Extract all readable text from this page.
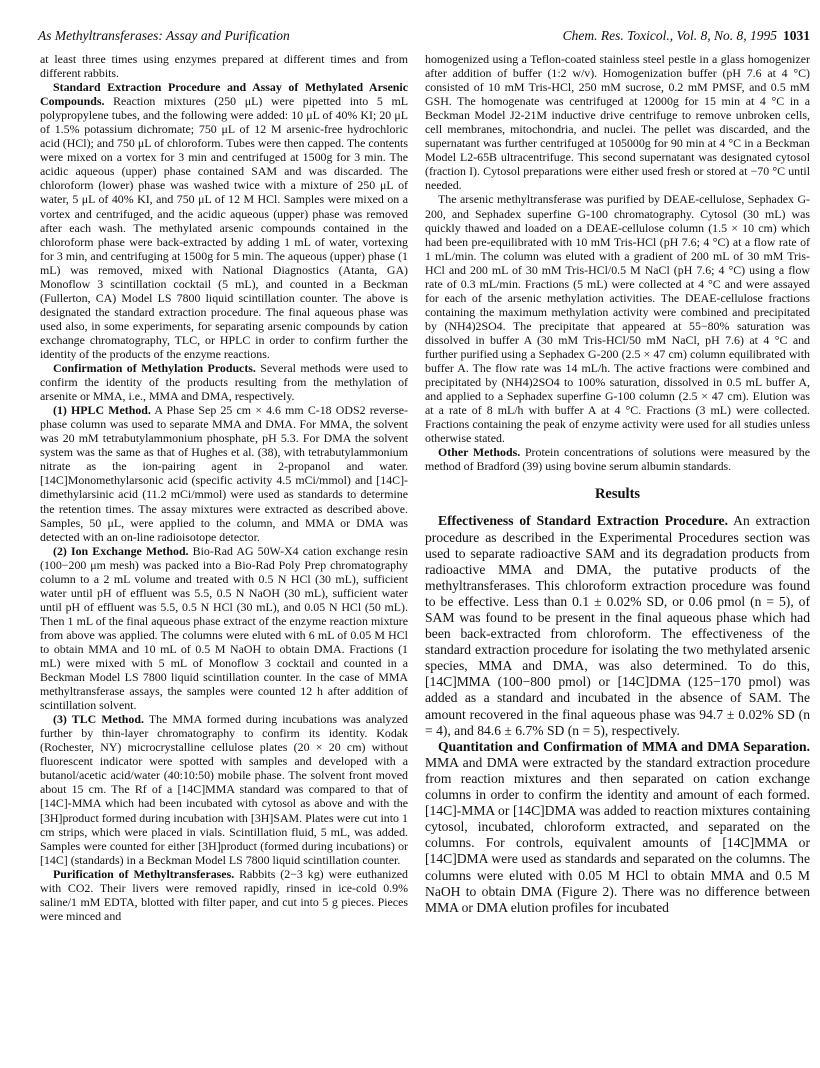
As Methyltransferases: Assay and Purification	Chem. Res. Toxicol., Vol. 8, No. 8, 1995 1031

at least three times using enzymes prepared at different times and from different rabbits.

Standard Extraction Procedure and Assay of Methylated Arsenic Compounds. Reaction mixtures (250 μL) were pipetted into 5 mL polypropylene tubes, and the following were added: 10 μL of 40% KI; 20 μL of 1.5% potassium dichromate; 750 μL of 12 M arsenic-free hydrochloric acid (HCl); and 750 μL of chloroform. Tubes were then capped. The contents were mixed on a vortex for 3 min and centrifuged at 1500g for 3 min. The acidic aqueous (upper) phase contained SAM and was discarded. The chloroform (lower) phase was washed twice with a mixture of 250 μL of water, 5 μL of 40% KI, and 750 μL of 12 M HCl. Samples were mixed on a vortex and centrifuged, and the acidic aqueous (upper) phase was removed after each wash. The methylated arsenic compounds contained in the chloroform phase were back-extracted by adding 1 mL of water, vortexing for 3 min, and centrifuging at 1500g for 5 min. The aqueous (upper) phase (1 mL) was removed, mixed with National Diagnostics (Atanta, GA) Monoflow 3 scintillation cocktail (5 mL), and counted in a Beckman (Fullerton, CA) Model LS 7800 liquid scintillation counter. The above is designated the standard extraction procedure. The final aqueous phase was used also, in some experiments, for separating arsenic compounds by cation exchange chromatography, TLC, or HPLC in order to confirm further the identity of the products of the enzyme reactions.

Confirmation of Methylation Products. Several methods were used to confirm the identity of the products resulting from the methylation of arsenite or MMA, i.e., MMA and DMA, respectively.

(1) HPLC Method. A Phase Sep 25 cm × 4.6 mm C-18 ODS2 reverse-phase column was used to separate MMA and DMA. For MMA, the solvent was 20 mM tetrabutylammonium phosphate, pH 5.3. For DMA the solvent system was the same as that of Hughes et al. (38), with tetrabutylammonium nitrate as the ion-pairing agent in 2-propanol and water. [14C]Monomethylarsonic acid (specific activity 4.5 mCi/mmol) and [14C]-dimethylarsinic acid (11.2 mCi/mmol) were used as standards to determine the retention times. The assay mixtures were extracted as described above. Samples, 50 μL, were applied to the column, and MMA or DMA was detected with an on-line radioisotope detector.

(2) Ion Exchange Method. Bio-Rad AG 50W-X4 cation exchange resin (100−200 μm mesh) was packed into a Bio-Rad Poly Prep chromatography column to a 2 mL volume and treated with 0.5 N HCl (30 mL), sufficient water until pH of effluent was 5.5, 0.5 N NaOH (30 mL), sufficient water until pH of effluent was 5.5, 0.5 N HCl (30 mL), and 0.05 N HCl (50 mL). Then 1 mL of the final aqueous phase extract of the enzyme reaction mixture from above was applied. The columns were eluted with 6 mL of 0.05 M HCl to obtain MMA and 10 mL of 0.5 M NaOH to obtain DMA. Fractions (1 mL) were mixed with 5 mL of Monoflow 3 cocktail and counted in a Beckman Model LS 7800 liquid scintillation counter. In the case of MMA methyltransferase assays, the samples were counted 12 h after addition of scintillation solvent.

(3) TLC Method. The MMA formed during incubations was analyzed further by thin-layer chromatography to confirm its identity. Kodak (Rochester, NY) microcrystalline cellulose plates (20 × 20 cm) without fluorescent indicator were spotted with samples and developed with a butanol/acetic acid/water (40:10:50) mobile phase. The solvent front moved about 15 cm. The Rf of a [14C]MMA standard was compared to that of [14C]-MMA which had been incubated with cytosol as above and with the [3H]product formed during incubation with [3H]SAM. Plates were cut into 1 cm strips, which were placed in vials. Scintillation fluid, 5 mL, was added. Samples were counted for either [3H]product (formed during incubations) or [14C] (standards) in a Beckman Model LS 7800 liquid scintillation counter.

Purification of Methyltransferases. Rabbits (2−3 kg) were euthanized with CO2. Their livers were removed rapidly, rinsed in ice-cold 0.9% saline/1 mM EDTA, blotted with filter paper, and cut into 5 g pieces. Pieces were minced and

homogenized using a Teflon-coated stainless steel pestle in a glass homogenizer after addition of buffer (1:2 w/v). Homogenization buffer (pH 7.6 at 4 °C) consisted of 10 mM Tris-HCl, 250 mM sucrose, 0.2 mM PMSF, and 0.5 mM GSH. The homogenate was centrifuged at 12000g for 15 min at 4 °C in a Beckman Model J2-21M inductive drive centrifuge to remove unbroken cells, cell membranes, mitochondria, and nuclei. The pellet was discarded, and the supernatant was further centrifuged at 105000g for 90 min at 4 °C in a Beckman Model L2-65B ultracentrifuge. This second supernatant was designated cytosol (fraction I). Cytosol preparations were either used fresh or stored at −70 °C until needed.

The arsenic methyltransferase was purified by DEAE-cellulose, Sephadex G-200, and Sephadex superfine G-100 chromatography. Cytosol (30 mL) was quickly thawed and loaded on a DEAE-cellulose column (1.5 × 10 cm) which had been pre-equilibrated with 10 mM Tris-HCl (pH 7.6; 4 °C) at a flow rate of 1 mL/min. The column was eluted with a gradient of 200 mL of 30 mM Tris-HCl and 200 mL of 30 mM Tris-HCl/0.5 M NaCl (pH 7.6; 4 °C) using a flow rate of 0.3 mL/min. Fractions (5 mL) were collected at 4 °C and were assayed for each of the arsenic methylation activities. The DEAE-cellulose fractions containing the maximum methylation activity were combined and precipitated by (NH4)2SO4. The precipitate that appeared at 55−80% saturation was dissolved in buffer A (30 mM Tris-HCl/50 mM NaCl, pH 7.6) at 4 °C and further purified using a Sephadex G-200 (2.5 × 47 cm) column equilibrated with buffer A. The flow rate was 14 mL/h. The active fractions were combined and precipitated by (NH4)2SO4 to 100% saturation, dissolved in 0.5 mL buffer A, and applied to a Sephadex superfine G-100 column (2.5 × 47 cm). Elution was at a rate of 8 mL/h with buffer A at 4 °C. Fractions (3 mL) were collected. Fractions containing the peak of enzyme activity were used for all studies unless otherwise stated.

Other Methods. Protein concentrations of solutions were measured by the method of Bradford (39) using bovine serum albumin standards.

Results

Effectiveness of Standard Extraction Procedure. An extraction procedure as described in the Experimental Procedures section was used to separate radioactive SAM and its degradation products from radioactive MMA and DMA, the putative products of the methyltransferases. This chloroform extraction procedure was found to be effective. Less than 0.1 ± 0.02% SD, or 0.06 pmol (n = 5), of SAM was found to be present in the final aqueous phase which had been back-extracted from chloroform. The effectiveness of the standard extraction procedure for isolating the two methylated arsenic species, MMA and DMA, was also determined. To do this, [14C]MMA (100−800 pmol) or [14C]DMA (125−170 pmol) was added as a standard and incubated in the absence of SAM. The amount recovered in the final aqueous phase was 94.7 ± 0.02% SD (n = 4), and 84.6 ± 6.7% SD (n = 5), respectively.

Quantitation and Confirmation of MMA and DMA Separation. MMA and DMA were extracted by the standard extraction procedure from reaction mixtures and then separated on cation exchange columns in order to confirm the identity and amount of each formed. [14C]-MMA or [14C]DMA was added to reaction mixtures containing cytosol, incubated, chloroform extracted, and separated on the columns. For controls, equivalent amounts of [14C]MMA or [14C]DMA were used as standards and separated on the columns. The columns were eluted with 0.05 M HCl to obtain MMA and 0.5 M NaOH to obtain DMA (Figure 2). There was no difference between MMA or DMA elution profiles for incubated
